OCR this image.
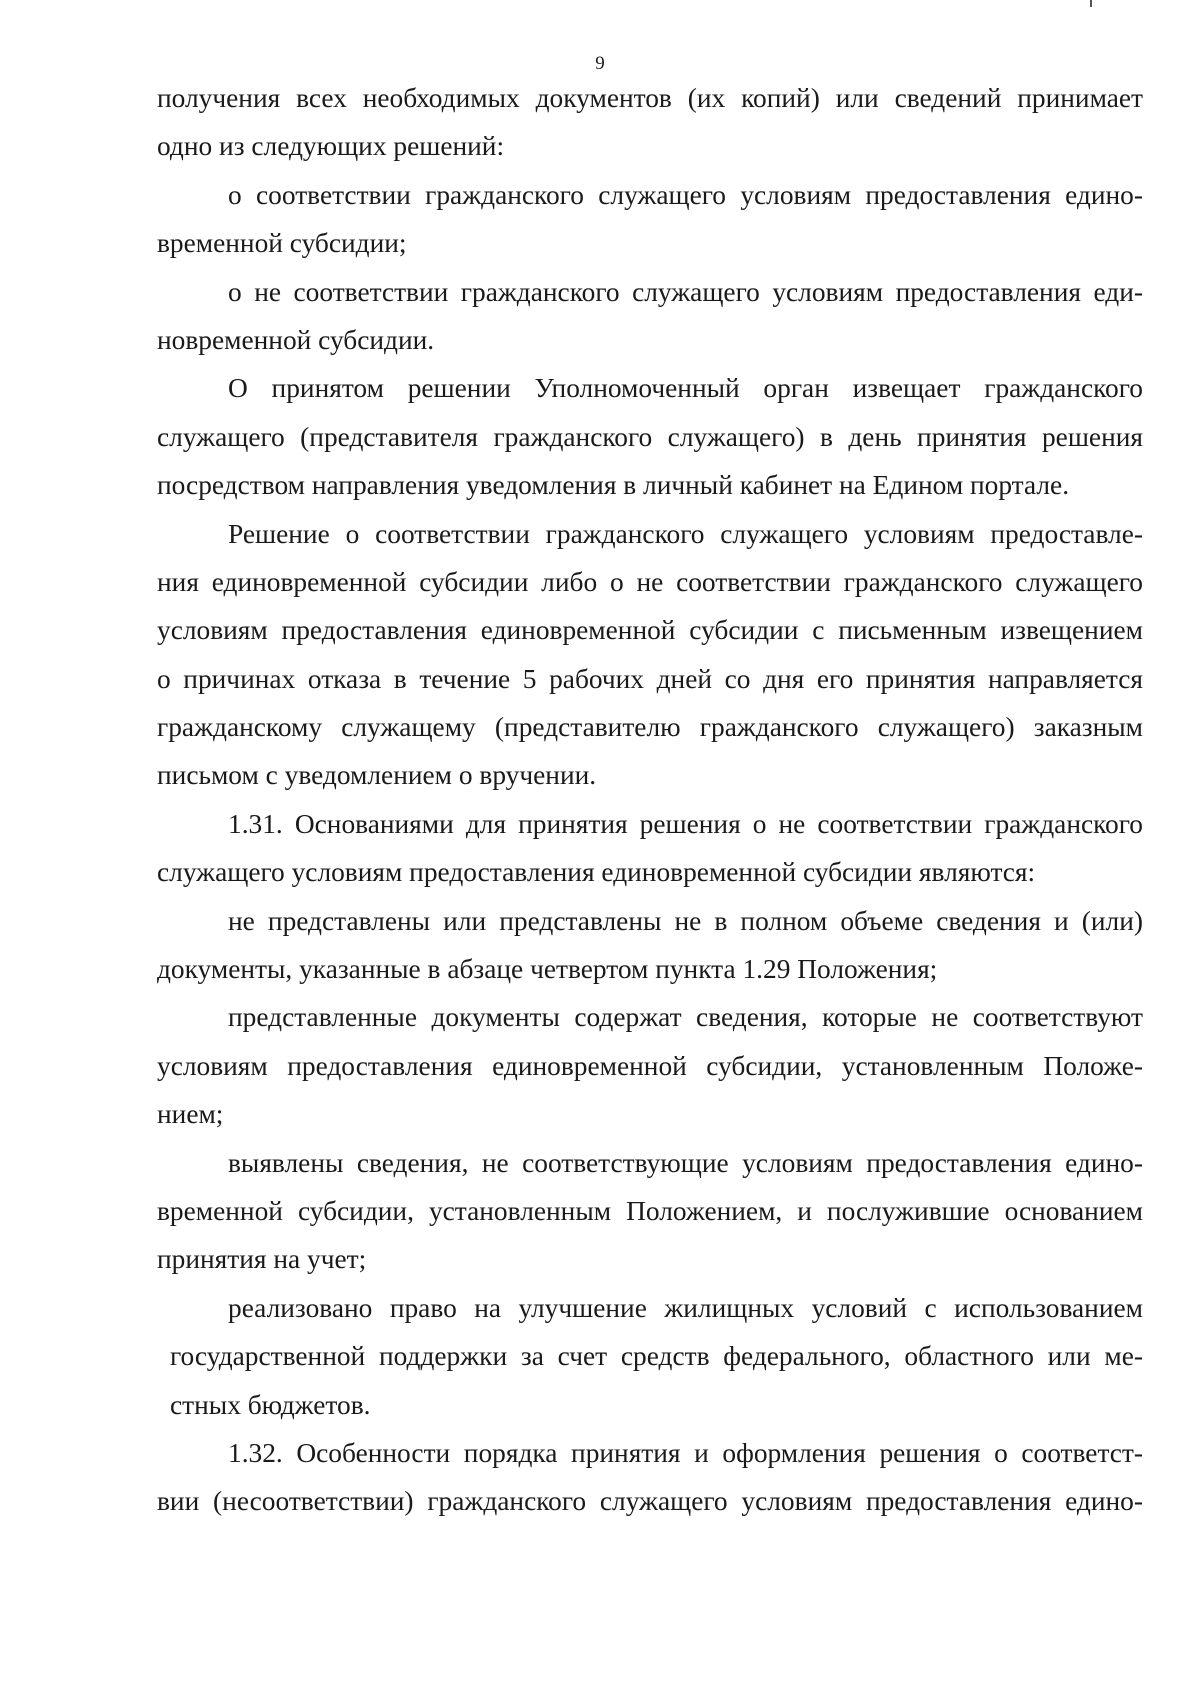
9
получения всех необходимых документов (их копий) или сведений принимает
одно из следующих решений:
о соответствии гражданского служащего условиям предоставления едино-
временной субсидии;
о не соответствии гражданского служащего условиям предоставления еди-
новременной субсидии.
О принятом решении Уполномоченный орган извещает гражданского
служащего (представителя гражданского служащего) в день принятия решения
посредством направления уведомления в личный кабинет на Едином портале.
Решение о соответствии гражданского служащего условиям предоставле-
ния единовременной субсидии либо о не соответствии гражданского служащего
условиям предоставления единовременной субсидии с письменным извещением
о причинах отказа в течение 5 рабочих дней со дня его принятия направляется
гражданскому служащему (представителю гражданского служащего) заказным
письмом с уведомлением о вручении.
1.31. Основаниями для принятия решения о не соответствии гражданского
служащего условиям предоставления единовременной субсидии являются:
не представлены или представлены не в полном объеме сведения и (или)
документы, указанные в абзаце четвертом пункта 1.29 Положения;
представленные документы содержат сведения, которые не соответствуют
условиям предоставления единовременной субсидии, установленным Положе-
нием;
выявлены сведения, не соответствующие условиям предоставления едино-
временной субсидии, установленным Положением, и послужившие основанием
принятия на учет;
реализовано право на улучшение жилищных условий с использованием
государственной поддержки за счет средств федерального, областного или ме-
стных бюджетов.
1.32. Особенности порядка принятия и оформления решения о соответст-
вии (несоответствии) гражданского служащего условиям предоставления едино-
